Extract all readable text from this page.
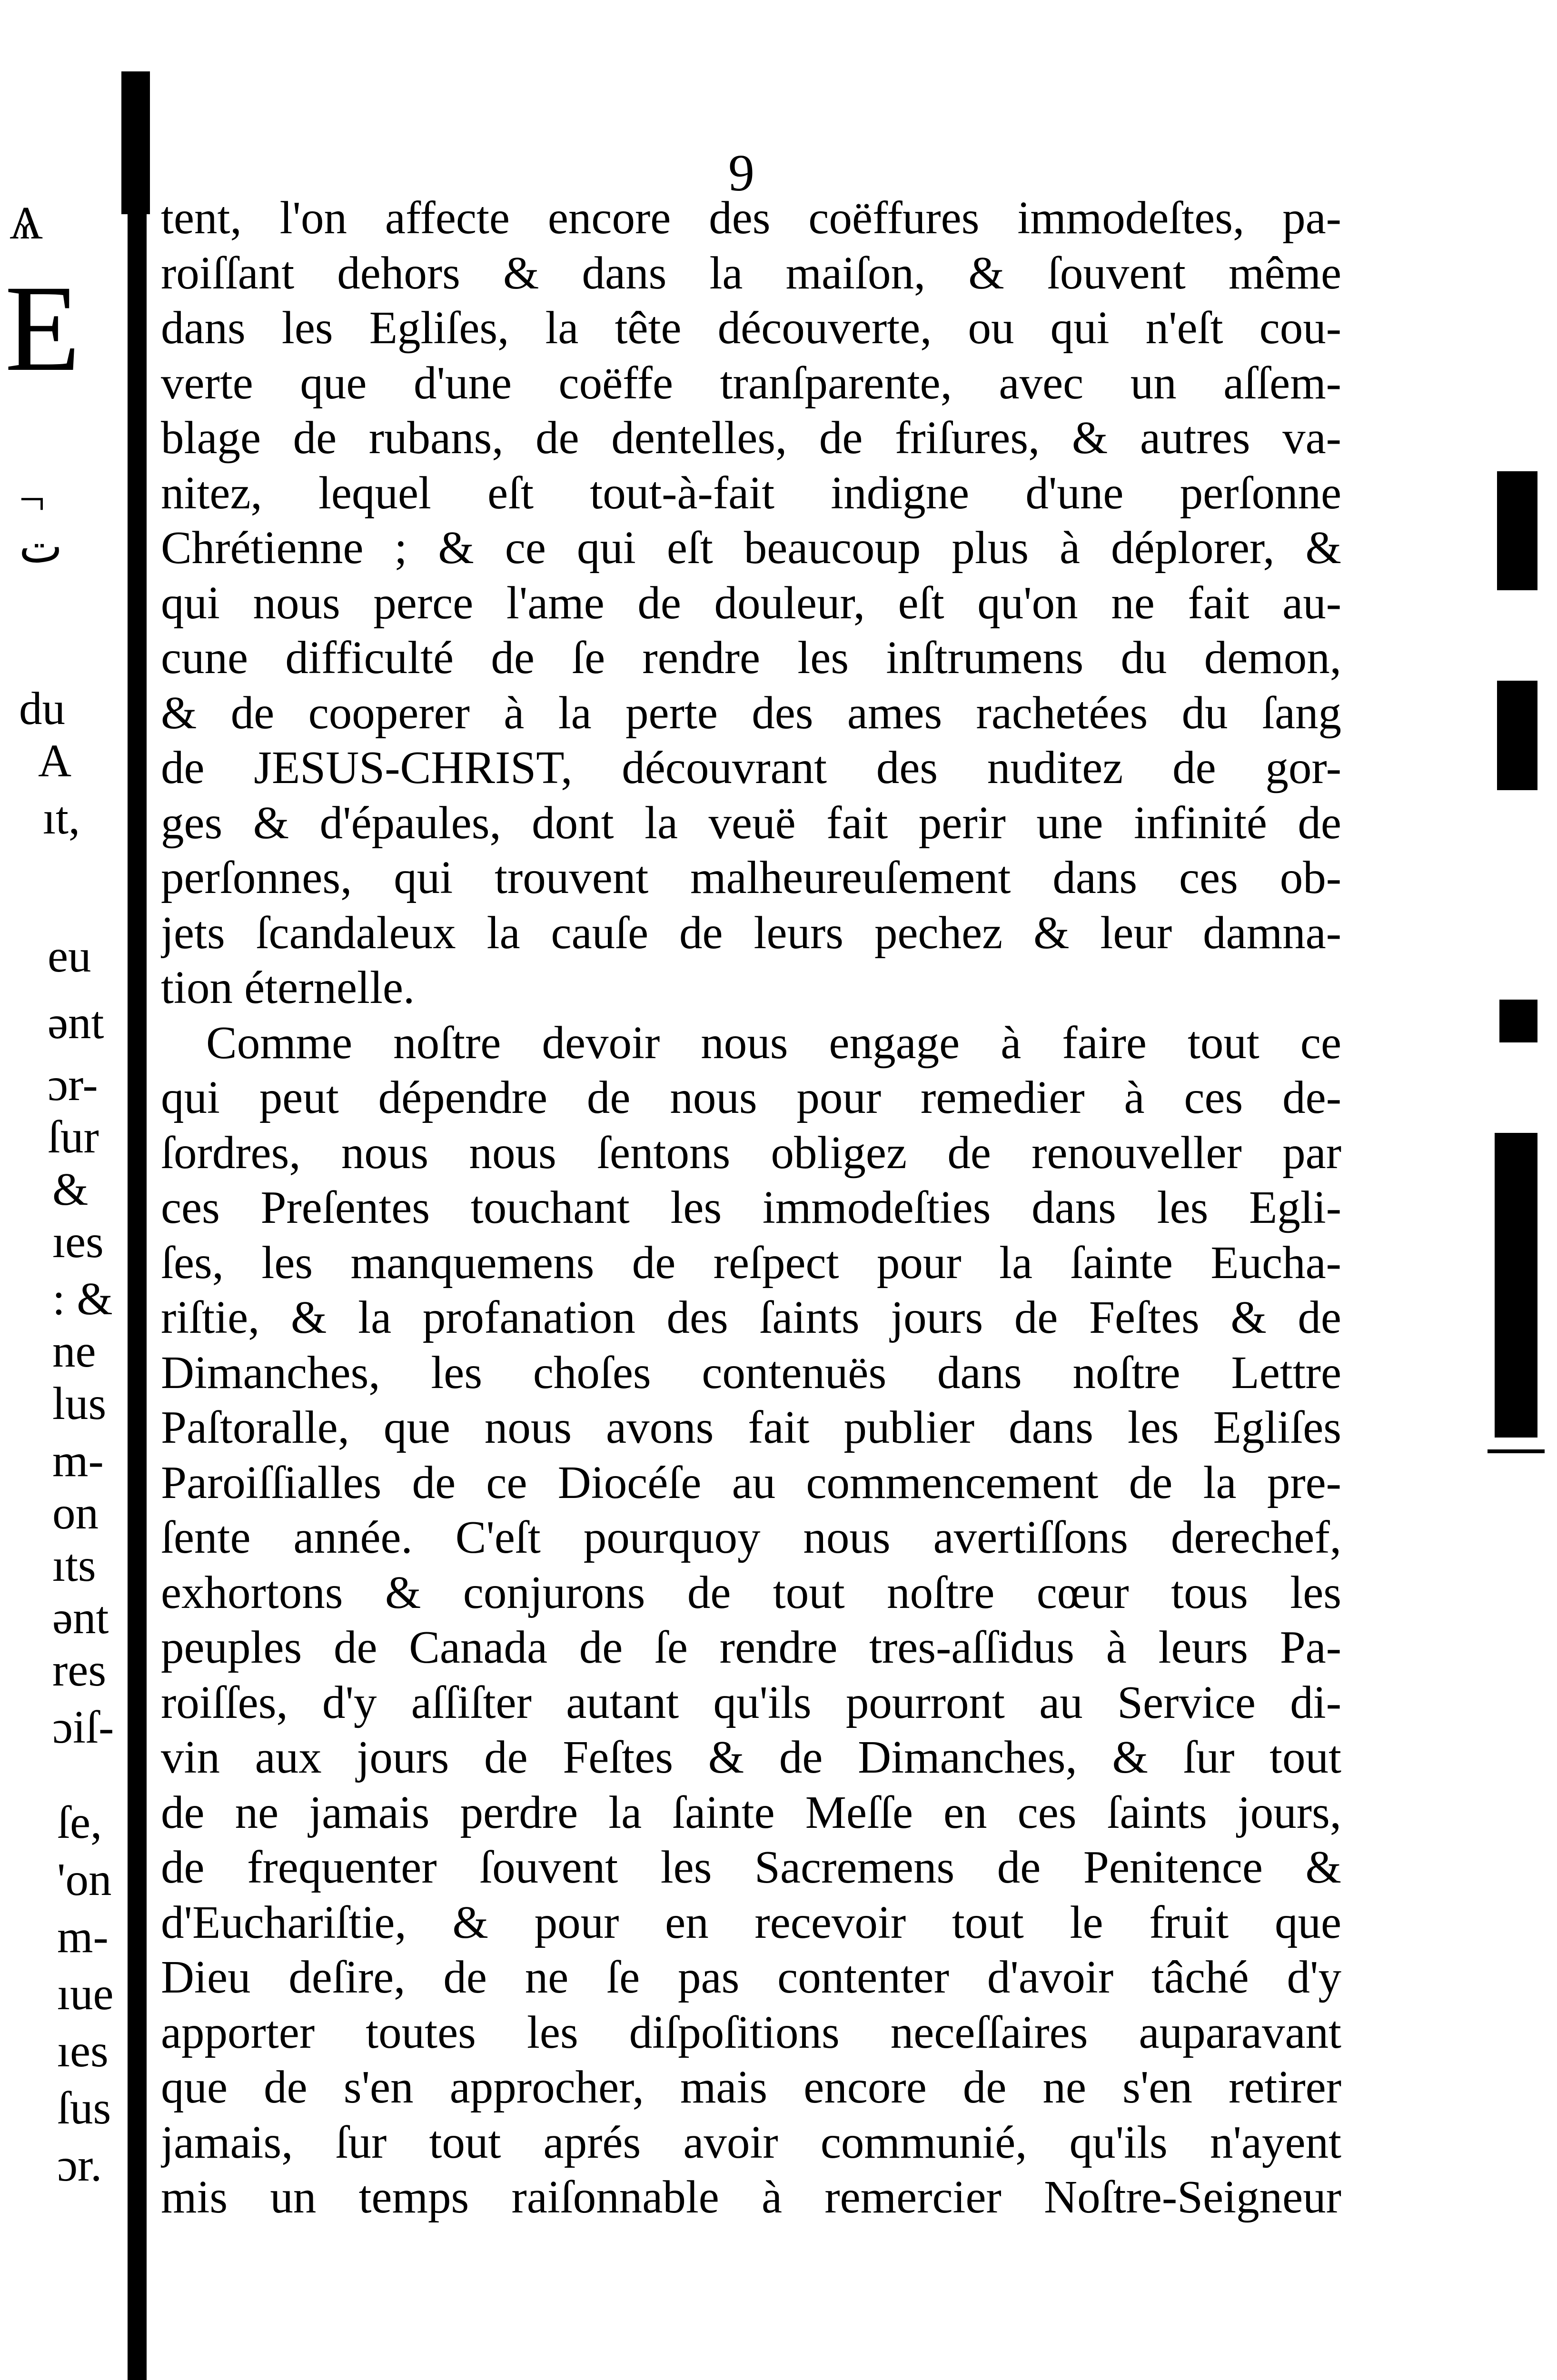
Ѧ
E
¬
ت
du
A
ıt,
eu
ənt
ɔr-
ſur
&
ıes
: &
ne
lus
m-
on
ıts
ənt
res
ɔiſ-
ſe,
'on
m-
ıue
ıes
ſus
ɔr.
9
tent, l'on affecte encore des coëffures immodeſtes, pa-
roiſſant dehors & dans la maiſon, & ſouvent même
dans les Egliſes, la tête découverte, ou qui n'eſt cou-
verte que d'une coëffe tranſparente, avec un aſſem-
blage de rubans, de dentelles, de friſures, & autres va-
nitez, lequel eſt tout-à-fait indigne d'une perſonne
Chrétienne ; & ce qui eſt beaucoup plus à déplorer, &
qui nous perce l'ame de douleur, eſt qu'on ne fait au-
cune difficulté de ſe rendre les inſtrumens du demon,
& de cooperer à la perte des ames rachetées du ſang
de JESUS-CHRIST, découvrant des nuditez de gor-
ges & d'épaules, dont la veuë fait perir une infinité de
perſonnes, qui trouvent malheureuſement dans ces ob-
jets ſcandaleux la cauſe de leurs pechez & leur damna-
tion éternelle.
Comme noſtre devoir nous engage à faire tout ce
qui peut dépendre de nous pour remedier à ces de-
ſordres, nous nous ſentons obligez de renouveller par
ces Preſentes touchant les immodeſties dans les Egli-
ſes, les manquemens de reſpect pour la ſainte Eucha-
riſtie, & la profanation des ſaints jours de Feſtes & de
Dimanches, les choſes contenuës dans noſtre Lettre
Paſtoralle, que nous avons fait publier dans les Egliſes
Paroiſſialles de ce Diocéſe au commencement de la pre-
ſente année. C'eſt pourquoy nous avertiſſons derechef,
exhortons & conjurons de tout noſtre cœur tous les
peuples de Canada de ſe rendre tres-aſſidus à leurs Pa-
roiſſes, d'y aſſiſter autant qu'ils pourront au Service di-
vin aux jours de Feſtes & de Dimanches, & ſur tout
de ne jamais perdre la ſainte Meſſe en ces ſaints jours,
de frequenter ſouvent les Sacremens de Penitence &
d'Euchariſtie, & pour en recevoir tout le fruit que
Dieu deſire, de ne ſe pas contenter d'avoir tâché d'y
apporter toutes les diſpoſitions neceſſaires auparavant
que de s'en approcher, mais encore de ne s'en retirer
jamais, ſur tout aprés avoir communié, qu'ils n'ayent
mis un temps raiſonnable à remercier Noſtre-Seigneur
